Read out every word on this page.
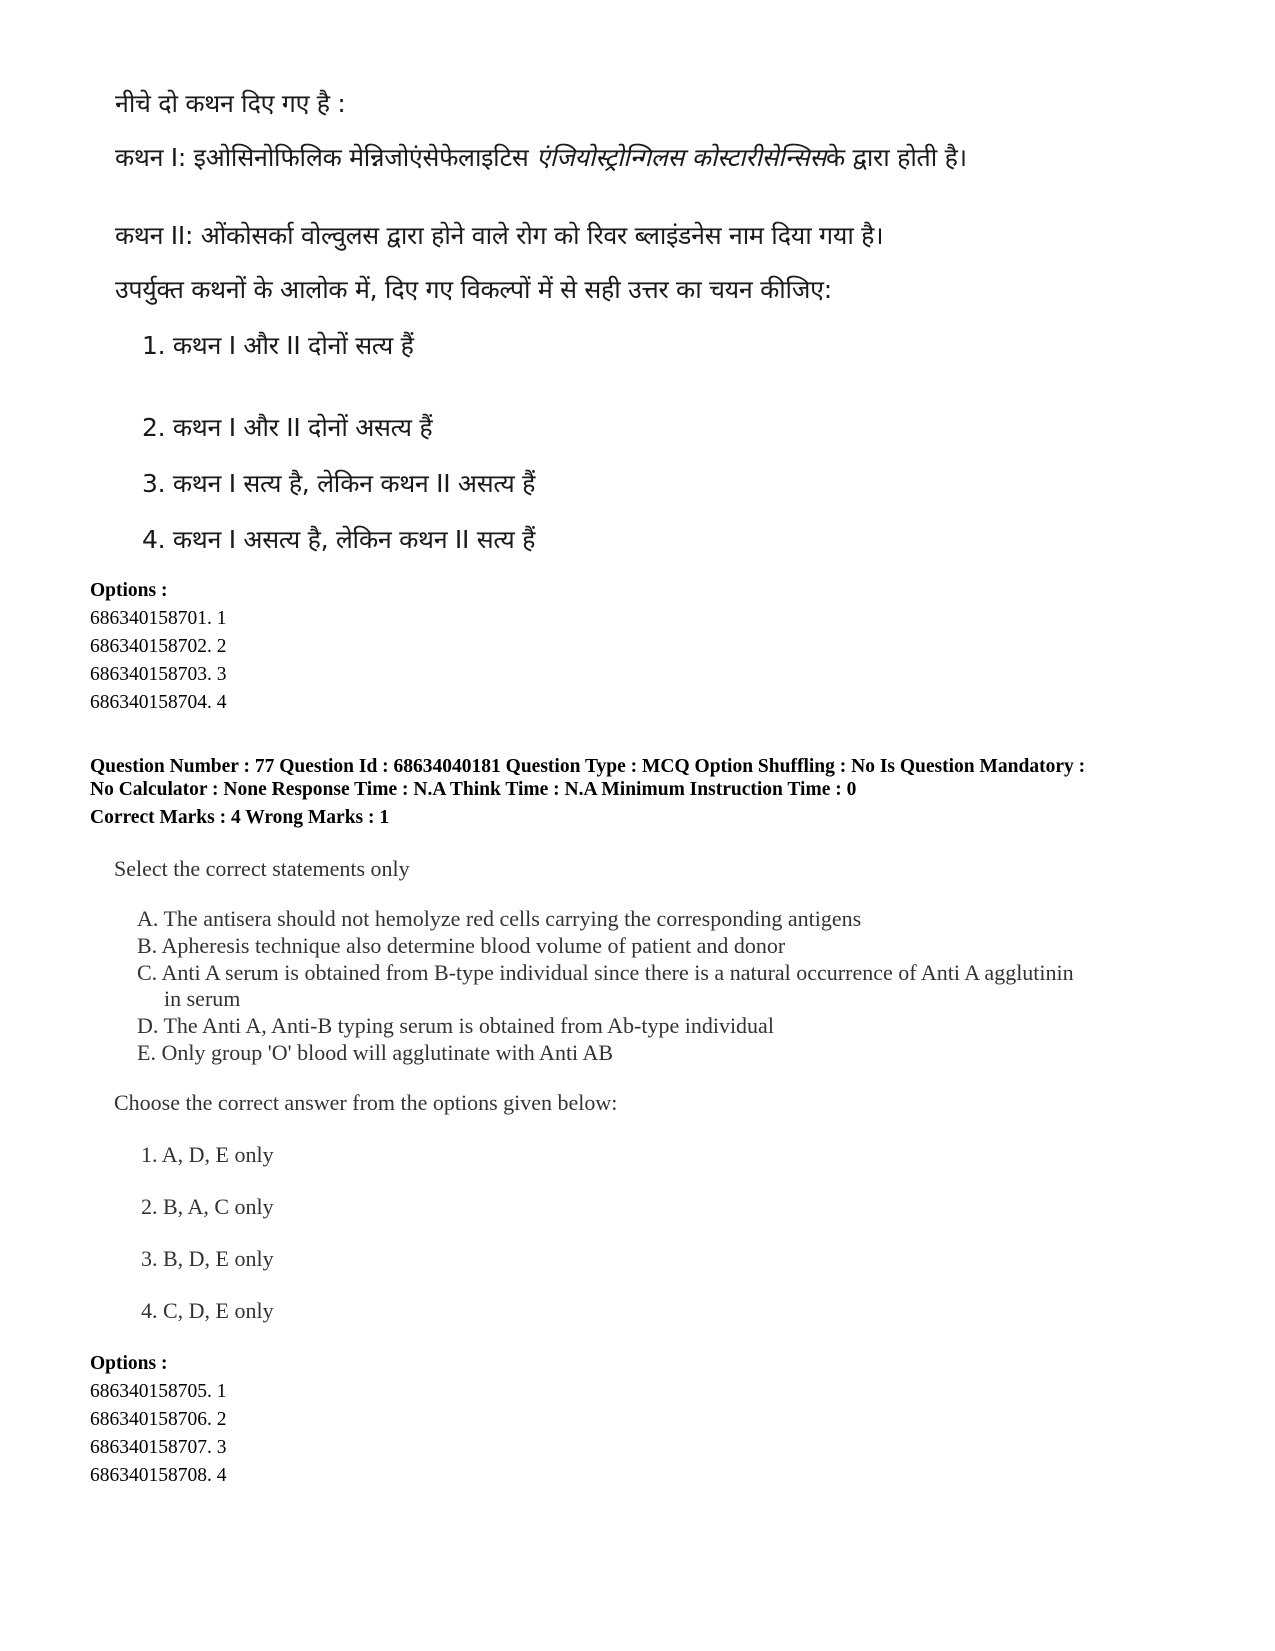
नीचे दो कथन दिए गए है :
कथन I: इओसिनोफिलिक मेन्निजोएंसेफेलाइटिस एंजियोस्ट्रोन्गिलस कोस्टारीसेन्सिसके द्वारा होती है।
कथन II: ओंकोसर्का वोल्वुलस द्वारा होने वाले रोग को रिवर ब्लाइंडनेस नाम दिया गया है।
उपर्युक्त कथनों के आलोक में, दिए गए विकल्पों में से सही उत्तर का चयन कीजिए:
1. कथन I और II दोनों सत्य हैं
2. कथन I और II दोनों असत्य हैं
3. कथन I सत्य है, लेकिन कथन II असत्य हैं
4. कथन I असत्य है, लेकिन कथन II सत्य हैं
Options :
686340158701. 1
686340158702. 2
686340158703. 3
686340158704. 4
Question Number : 77 Question Id : 68634040181 Question Type : MCQ Option Shuffling : No Is Question Mandatory :
No Calculator : None Response Time : N.A Think Time : N.A Minimum Instruction Time : 0
Correct Marks : 4 Wrong Marks : 1
Select the correct statements only
A. The antisera should not hemolyze red cells carrying the corresponding antigens
B. Apheresis technique also determine blood volume of patient and donor
C. Anti A serum is obtained from B-type individual since there is a natural occurrence of Anti A agglutinin
in serum
D. The Anti A, Anti-B typing serum is obtained from Ab-type individual
E. Only group 'O' blood will agglutinate with Anti AB
Choose the correct answer from the options given below:
1. A, D, E only
2. B, A, C only
3. B, D, E only
4. C, D, E only
Options :
686340158705. 1
686340158706. 2
686340158707. 3
686340158708. 4
